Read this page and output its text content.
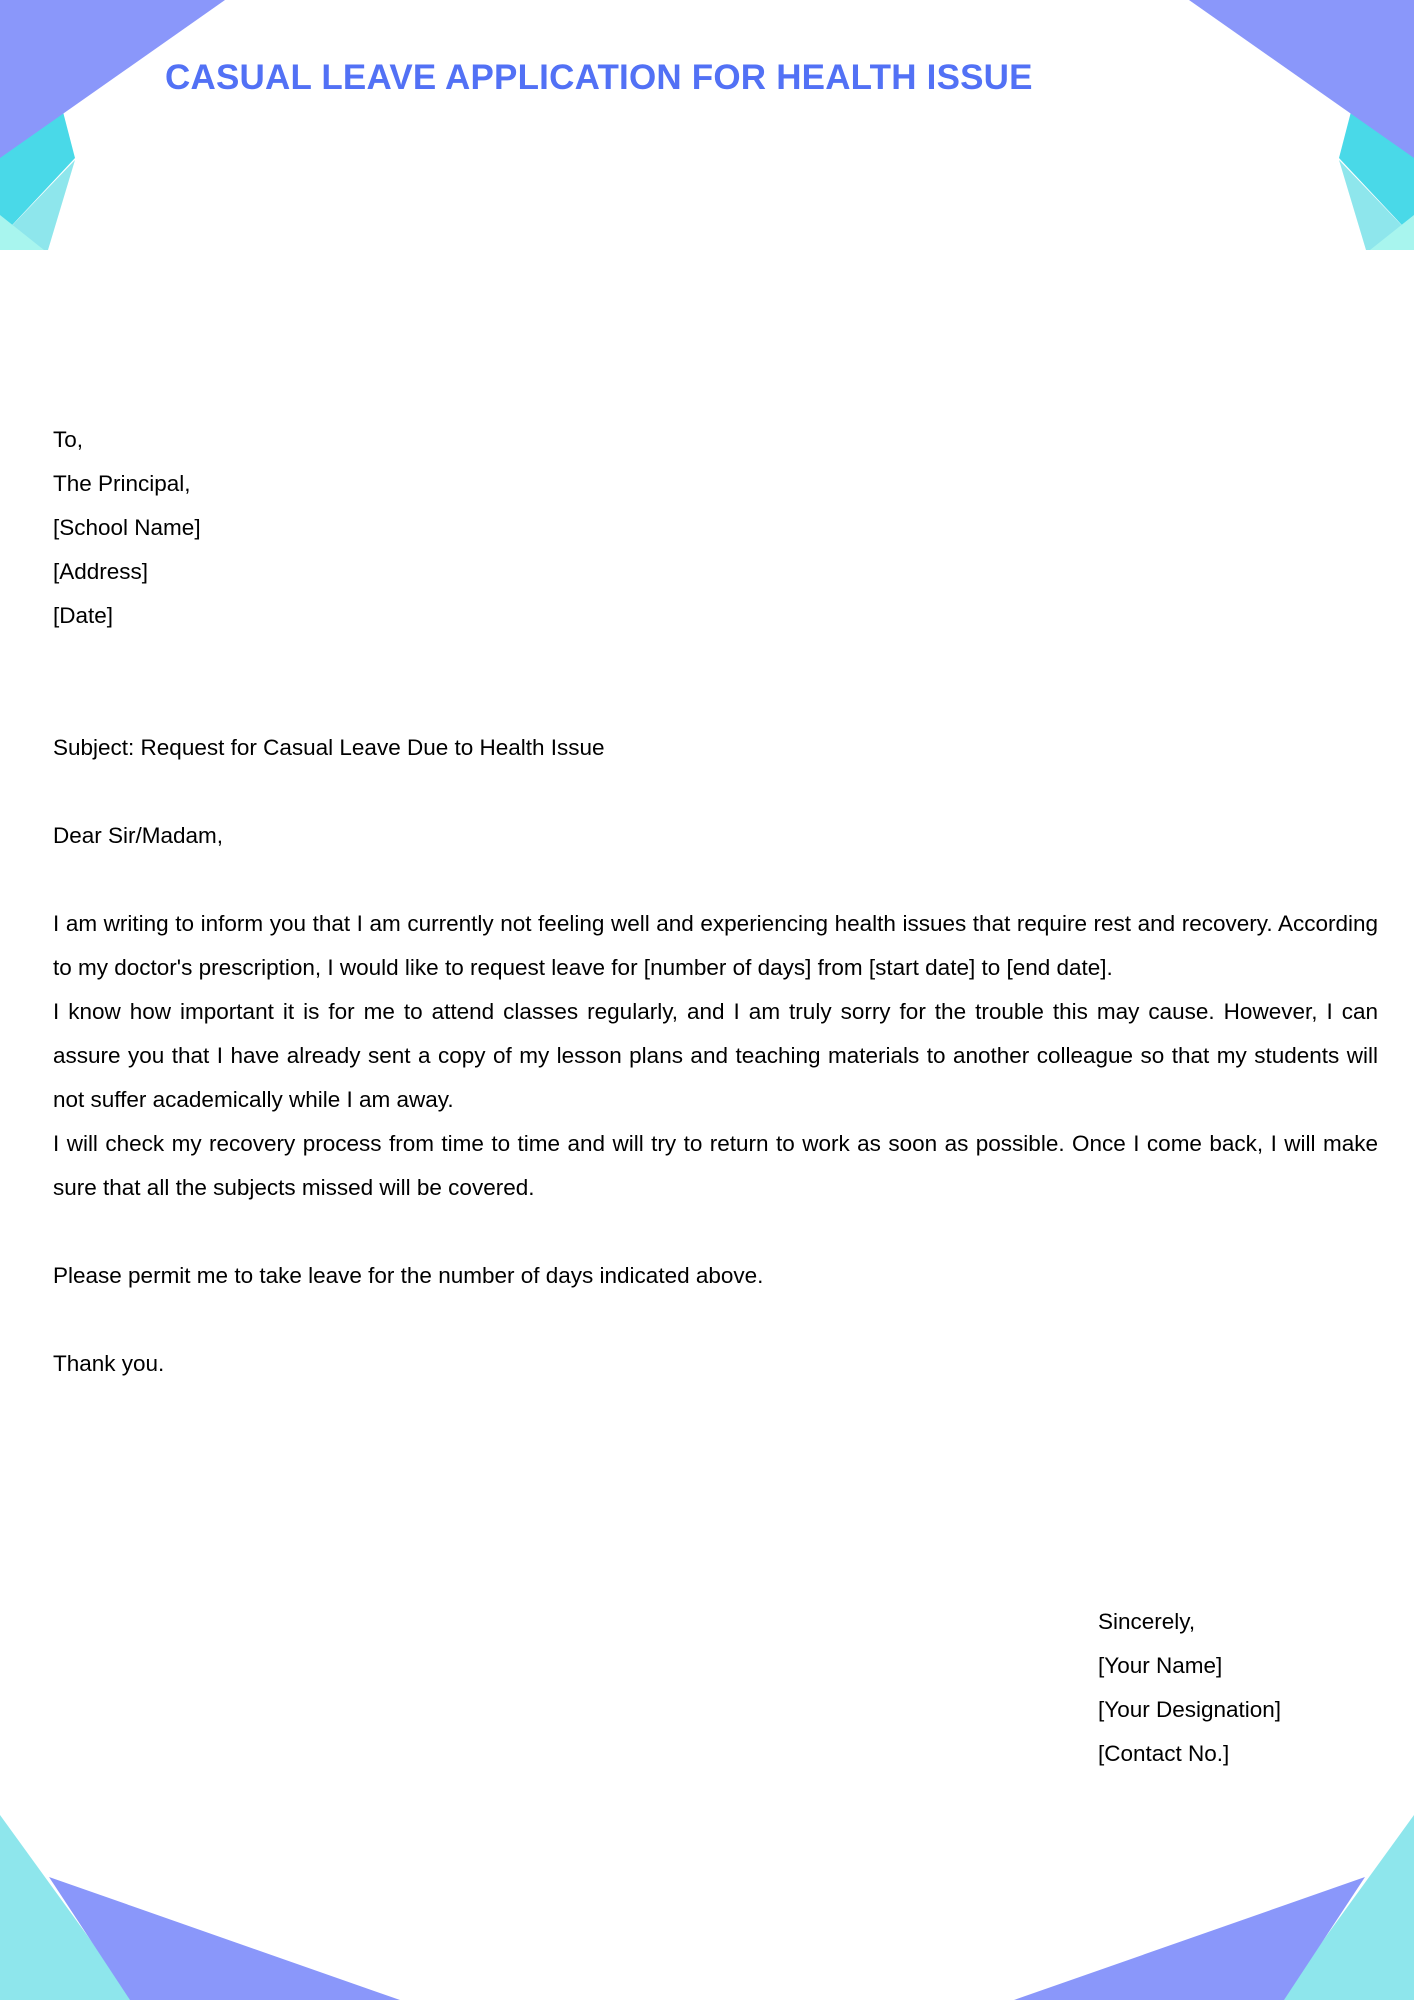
CASUAL LEAVE APPLICATION FOR HEALTH ISSUE
To,
The Principal,
[School Name]
[Address]
[Date]
Subject: Request for Casual Leave Due to Health Issue
Dear Sir/Madam,

I am writing to inform you that I am currently not feeling well and experiencing health issues that require rest and recovery. According to my doctor's prescription, I would like to request leave for [number of days] from [start date] to [end date].

I know how important it is for me to attend classes regularly, and I am truly sorry for the trouble this may cause. However, I can assure you that I have already sent a copy of my lesson plans and teaching materials to another colleague so that my students will not suffer academically while I am away.

I will check my recovery process from time to time and will try to return to work as soon as possible. Once I come back, I will make sure that all the subjects missed will be covered.

Please permit me to take leave for the number of days indicated above.

Thank you.
Sincerely,
[Your Name]
[Your Designation]
[Contact No.]
